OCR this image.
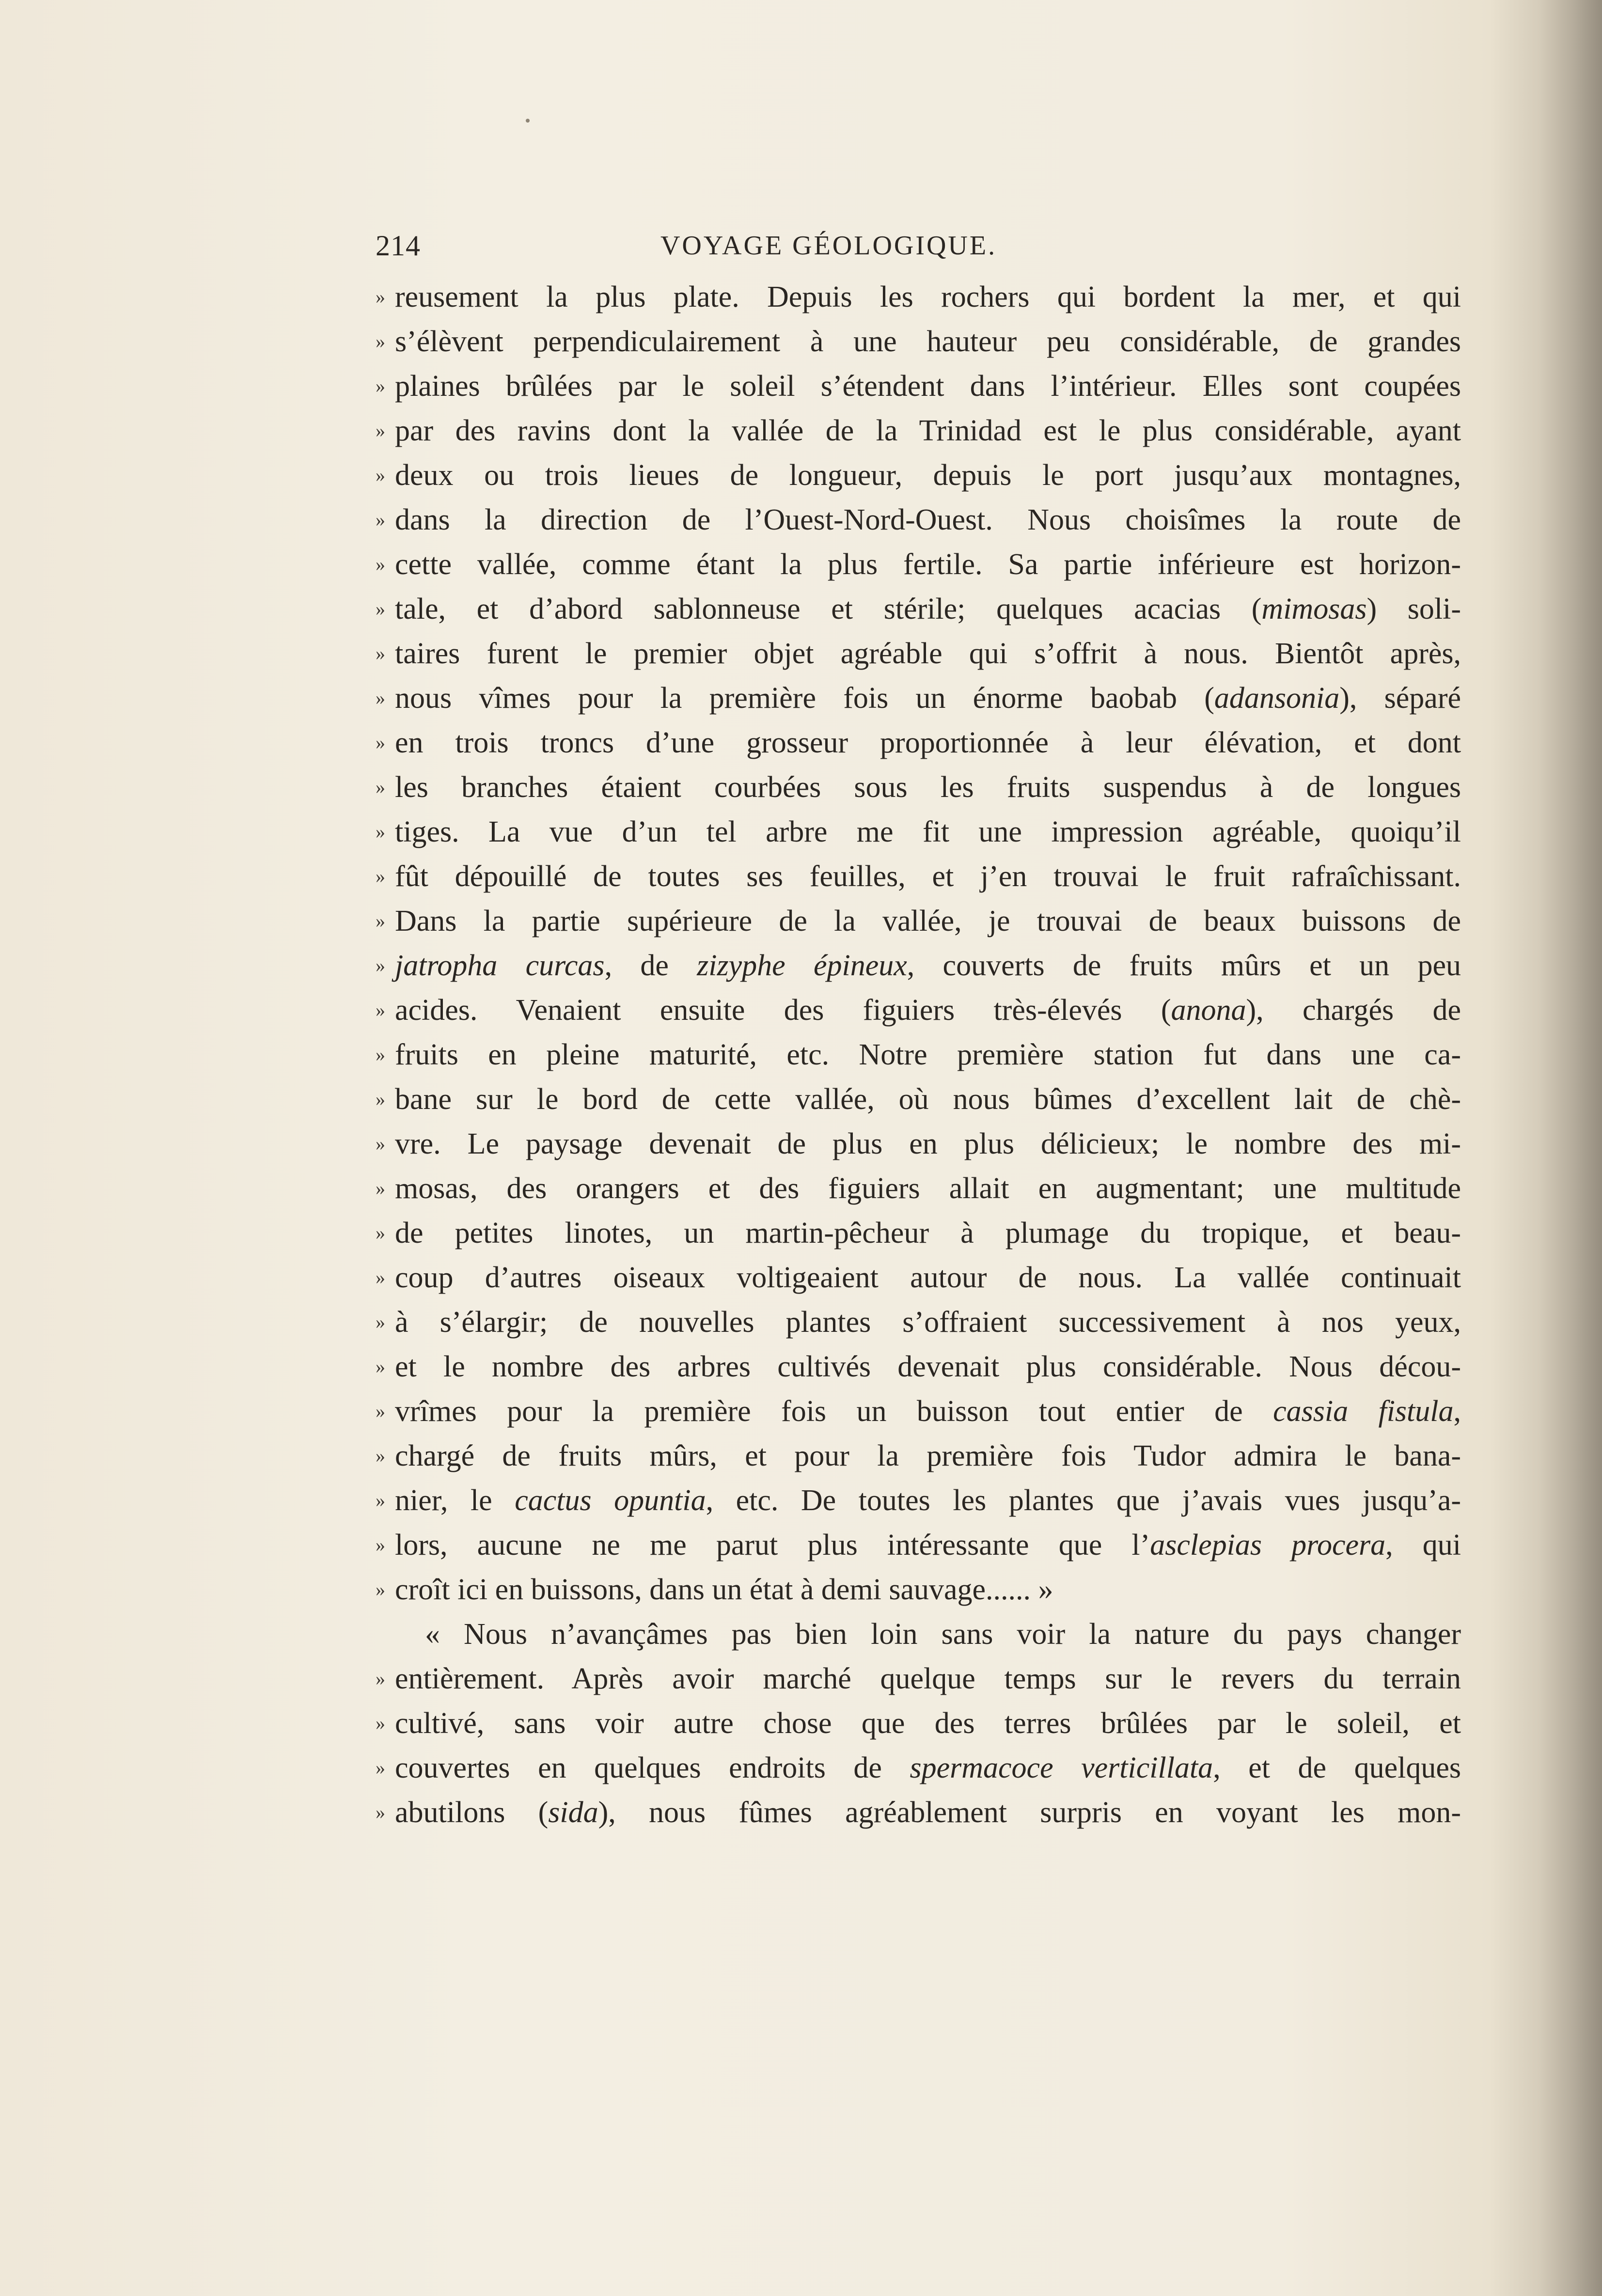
214	VOYAGE GÉOLOGIQUE.
» reusement la plus plate. Depuis les rochers qui bordent la mer, et qui
» s’élèvent perpendiculairement à une hauteur peu considérable, de grandes
» plaines brûlées par le soleil s’étendent dans l’intérieur. Elles sont coupées
» par des ravins dont la vallée de la Trinidad est le plus considérable, ayant
» deux ou trois lieues de longueur, depuis le port jusqu’aux montagnes,
» dans la direction de l’Ouest-Nord-Ouest. Nous choisîmes la route de
» cette vallée, comme étant la plus fertile. Sa partie inférieure est horizon-
» tale, et d’abord sablonneuse et stérile; quelques acacias (mimosas) soli-
» taires furent le premier objet agréable qui s’offrit à nous. Bientôt après,
» nous vîmes pour la première fois un énorme baobab (adansonia), séparé
» en trois troncs d’une grosseur proportionnée à leur élévation, et dont
» les branches étaient courbées sous les fruits suspendus à de longues
» tiges. La vue d’un tel arbre me fit une impression agréable, quoiqu’il
» fût dépouillé de toutes ses feuilles, et j’en trouvai le fruit rafraîchissant.
» Dans la partie supérieure de la vallée, je trouvai de beaux buissons de
» jatropha curcas, de zizyphe épineux, couverts de fruits mûrs et un peu
» acides. Venaient ensuite des figuiers très-élevés (anona), chargés de
» fruits en pleine maturité, etc. Notre première station fut dans une ca-
» bane sur le bord de cette vallée, où nous bûmes d’excellent lait de chè-
» vre. Le paysage devenait de plus en plus délicieux; le nombre des mi-
» mosas, des orangers et des figuiers allait en augmentant; une multitude
» de petites linotes, un martin-pêcheur à plumage du tropique, et beau-
» coup d’autres oiseaux voltigeaient autour de nous. La vallée continuait
» à s’élargir; de nouvelles plantes s’offraient successivement à nos yeux,
» et le nombre des arbres cultivés devenait plus considérable. Nous décou-
» vrîmes pour la première fois un buisson tout entier de cassia fistula,
» chargé de fruits mûrs, et pour la première fois Tudor admira le bana-
» nier, le cactus opuntia, etc. De toutes les plantes que j’avais vues jusqu’a-
» lors, aucune ne me parut plus intéressante que l’asclepias procera, qui
» croît ici en buissons, dans un état à demi sauvage...... »
« Nous n’avançâmes pas bien loin sans voir la nature du pays changer
» entièrement. Après avoir marché quelque temps sur le revers du terrain
» cultivé, sans voir autre chose que des terres brûlées par le soleil, et
» couvertes en quelques endroits de spermacoce verticillata, et de quelques
» abutilons (sida), nous fûmes agréablement surpris en voyant les mon-
